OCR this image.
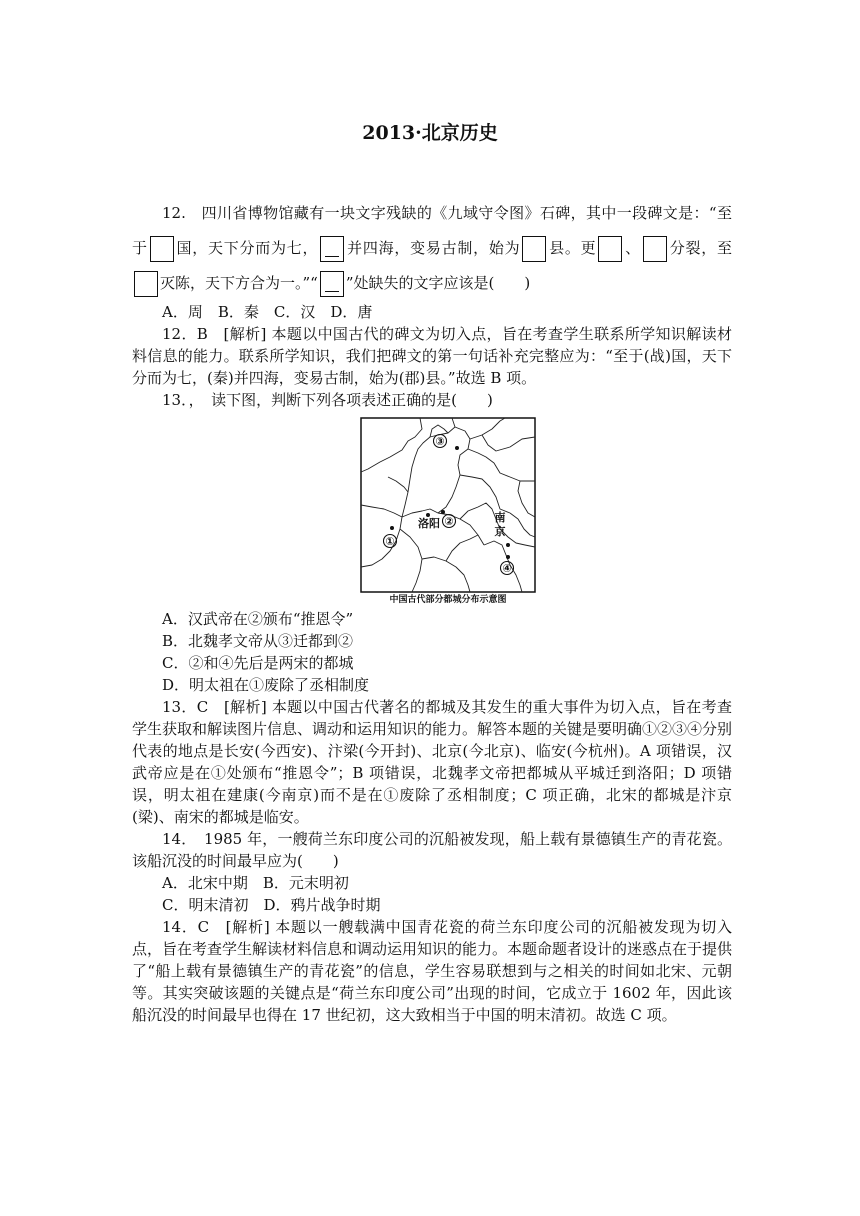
2013·北京历史

12.　 四川省博物馆藏有一块文字残缺的《九域守令图》石碑，其中一段碑文是：“至于 国，天下分而为七， 并四海，变易古制，始为 县。更 、 分裂，至灭陈，天下方合为一。”“ ”处缺失的文字应该是(　　)

A．周　B．秦　C．汉　D．唐

12．B　[解析] 本题以中国古代的碑文为切入点，旨在考查学生联系所学知识解读材料信息的能力。联系所学知识，我们把碑文的第一句话补充完整应为：“至于(战)国，天下分而为七，(秦)并四海，变易古制，始为(郡)县。”故选 B 项。

13．，　读下图，判断下列各项表述正确的是(　　)

③
①
②
④
洛阳	南
京
中国古代部分都城分布示意图

A．汉武帝在②颁布“推恩令”

B．北魏孝文帝从③迁都到②

C．②和④先后是两宋的都城

D．明太祖在①废除了丞相制度

13．C　[解析] 本题以中国古代著名的都城及其发生的重大事件为切入点，旨在考查学生获取和解读图片信息、调动和运用知识的能力。解答本题的关键是要明确①②③④分别代表的地点是长安(今西安)、汴梁(今开封)、北京(今北京)、临安(今杭州)。A 项错误，汉武帝应是在①处颁布“推恩令”；B 项错误，北魏孝文帝把都城从平城迁到洛阳；D 项错误，明太祖在建康(今南京)而不是在①废除了丞相制度；C 项正确，北宋的都城是汴京(梁)、南宋的都城是临安。

14．　1985 年，一艘荷兰东印度公司的沉船被发现，船上载有景德镇生产的青花瓷。该船沉没的时间最早应为(　　)

A．北宋中期　B．元末明初

C．明末清初　D．鸦片战争时期

14．C　[解析] 本题以一艘载满中国青花瓷的荷兰东印度公司的沉船被发现为切入点，旨在考查学生解读材料信息和调动运用知识的能力。本题命题者设计的迷惑点在于提供了“船上载有景德镇生产的青花瓷”的信息，学生容易联想到与之相关的时间如北宋、元朝等。其实突破该题的关键点是“荷兰东印度公司”出现的时间，它成立于 1602 年，因此该船沉没的时间最早也得在 17 世纪初，这大致相当于中国的明末清初。故选 C 项。
